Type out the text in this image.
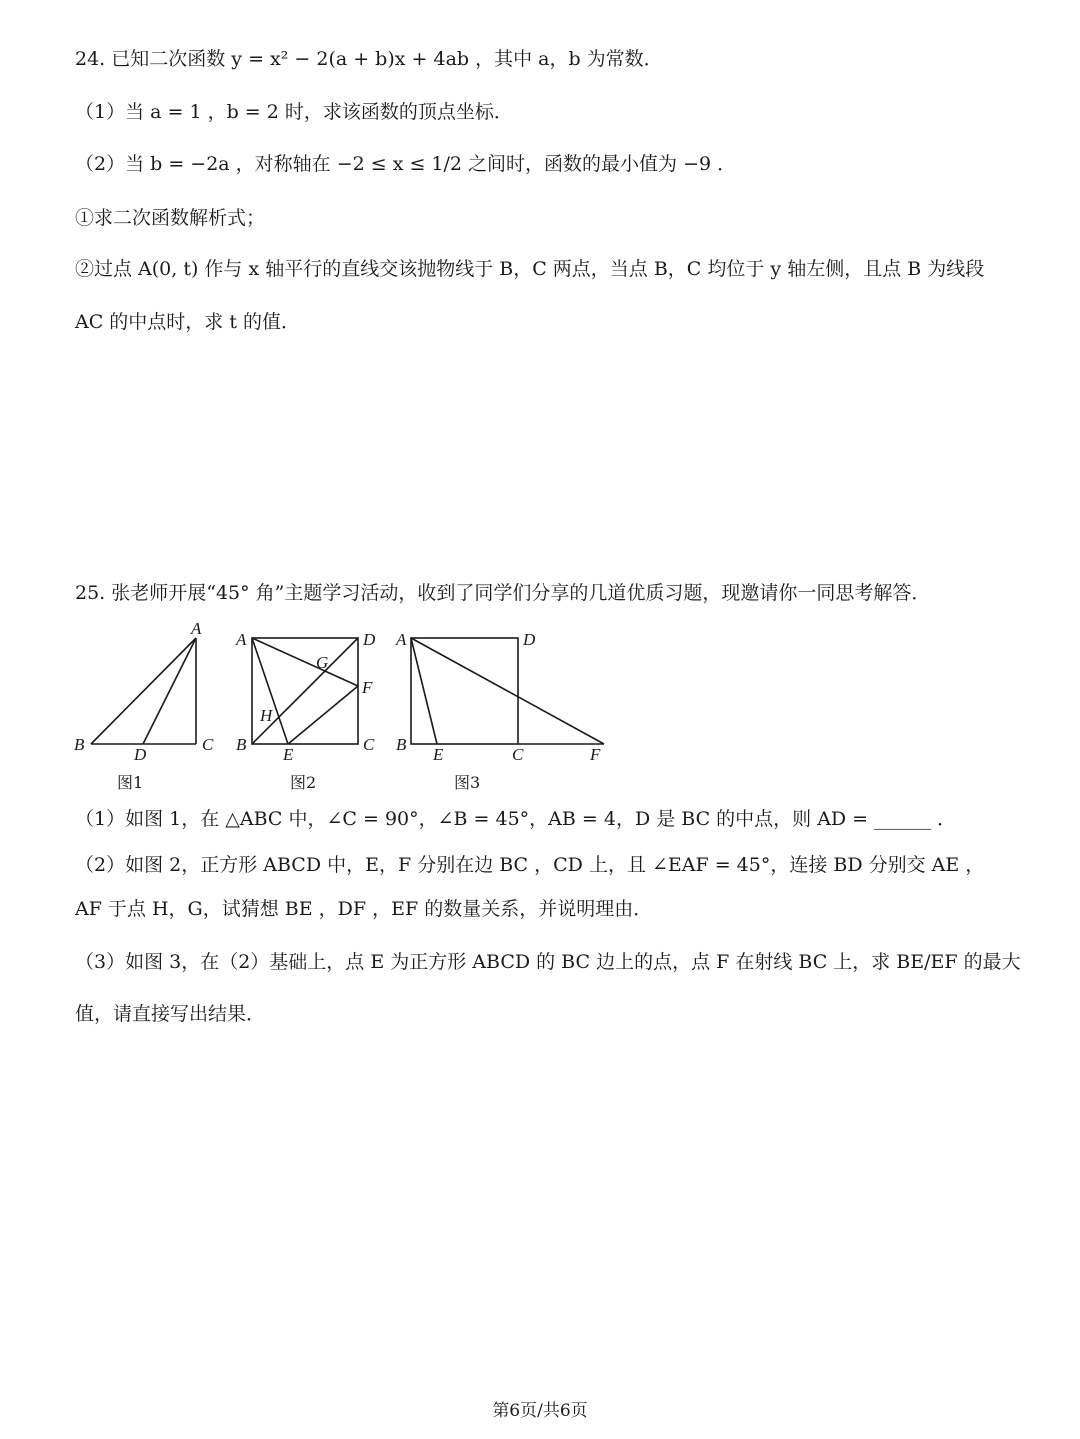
24. 已知二次函数 y = x² − 2(a + b)x + 4ab ，其中 a，b 为常数．
（1）当 a = 1 ，b = 2 时，求该函数的顶点坐标．
（2）当 b = −2a ，对称轴在 −2 ≤ x ≤ 1/2 之间时，函数的最小值为 −9 ．
①求二次函数解析式；
②过点 A(0, t) 作与 x 轴平行的直线交该抛物线于 B，C 两点，当点 B，C 均位于 y 轴左侧，且点 B 为线段
AC 的中点时，求 t 的值．
25. 张老师开展“45° 角”主题学习活动，收到了同学们分享的几道优质习题，现邀请你一同思考解答．
A
B
D
C
A	D
G
F
H
B
E
C
A	D
B
E	C	F
图1	图2	图3
（1）如图 1，在 △ABC 中，∠C = 90°，∠B = 45°，AB = 4，D 是 BC 的中点，则 AD = ______ ．
（2）如图 2，正方形 ABCD 中，E，F 分别在边 BC ，CD 上，且 ∠EAF = 45°，连接 BD 分别交 AE ，
AF 于点 H，G，试猜想 BE ，DF ，EF 的数量关系，并说明理由．
（3）如图 3，在（2）基础上，点 E 为正方形 ABCD 的 BC 边上的点，点 F 在射线 BC 上，求 BE/EF 的最大
值，请直接写出结果．
第6页/共6页
